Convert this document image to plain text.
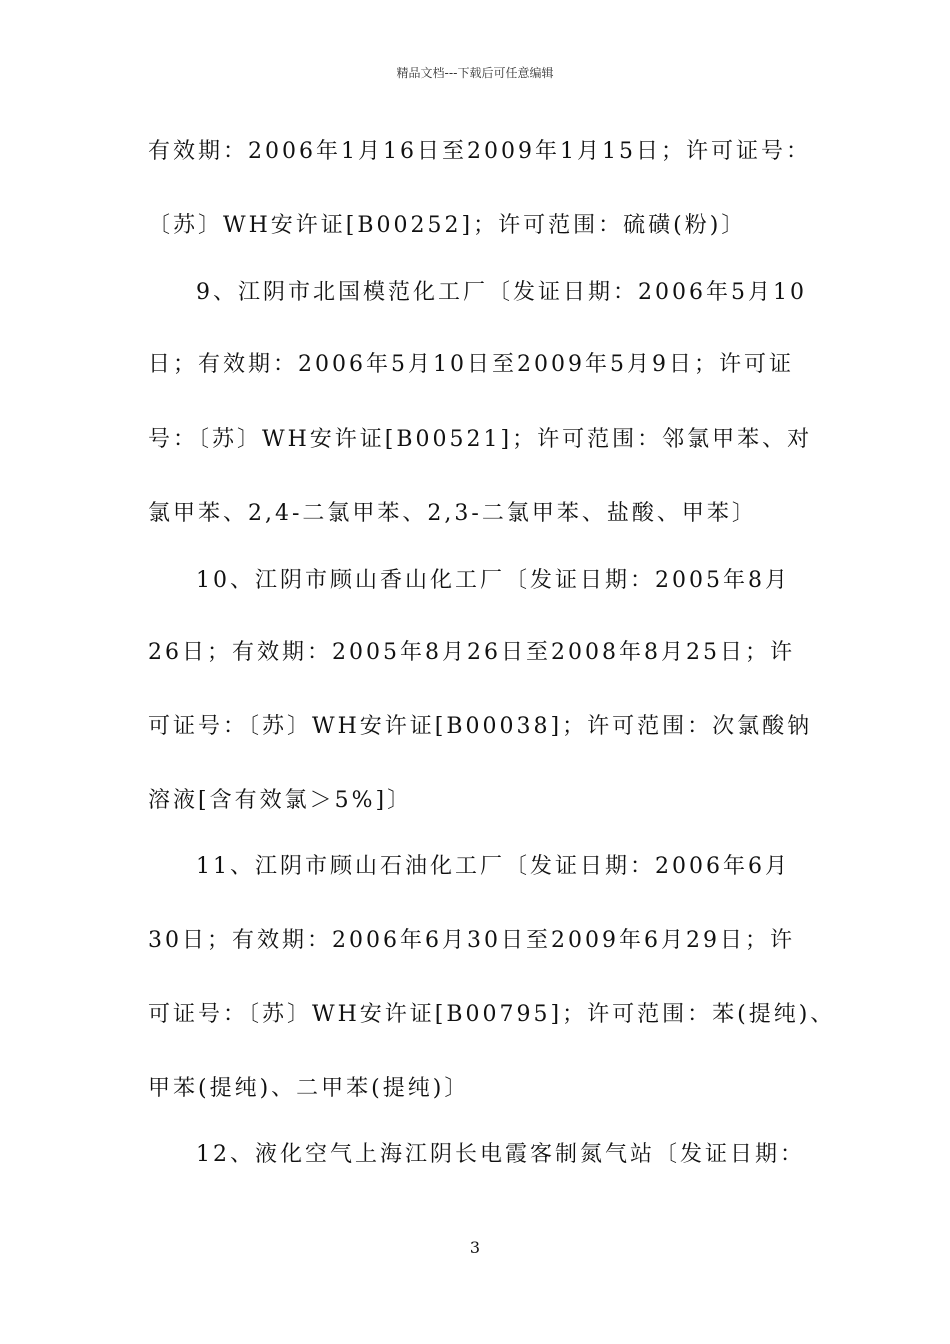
精品文档---下载后可任意编辑
有效期：2006年1月16日至2009年1月15日；许可证号：
〔苏〕WH安许证[B00252]；许可范围：硫磺(粉)〕
9、江阴市北国模范化工厂〔发证日期：2006年5月10
日；有效期：2006年5月10日至2009年5月9日；许可证
号：〔苏〕WH安许证[B00521]；许可范围：邻氯甲苯、对
氯甲苯、2,4-二氯甲苯、2,3-二氯甲苯、盐酸、甲苯〕
10、江阴市顾山香山化工厂〔发证日期：2005年8月
26日；有效期：2005年8月26日至2008年8月25日；许
可证号：〔苏〕WH安许证[B00038]；许可范围：次氯酸钠
溶液[含有效氯＞5%]〕
11、江阴市顾山石油化工厂〔发证日期：2006年6月
30日；有效期：2006年6月30日至2009年6月29日；许
可证号：〔苏〕WH安许证[B00795]；许可范围：苯(提纯)、
甲苯(提纯)、二甲苯(提纯)〕
12、液化空气上海江阴长电霞客制氮气站〔发证日期：
3
